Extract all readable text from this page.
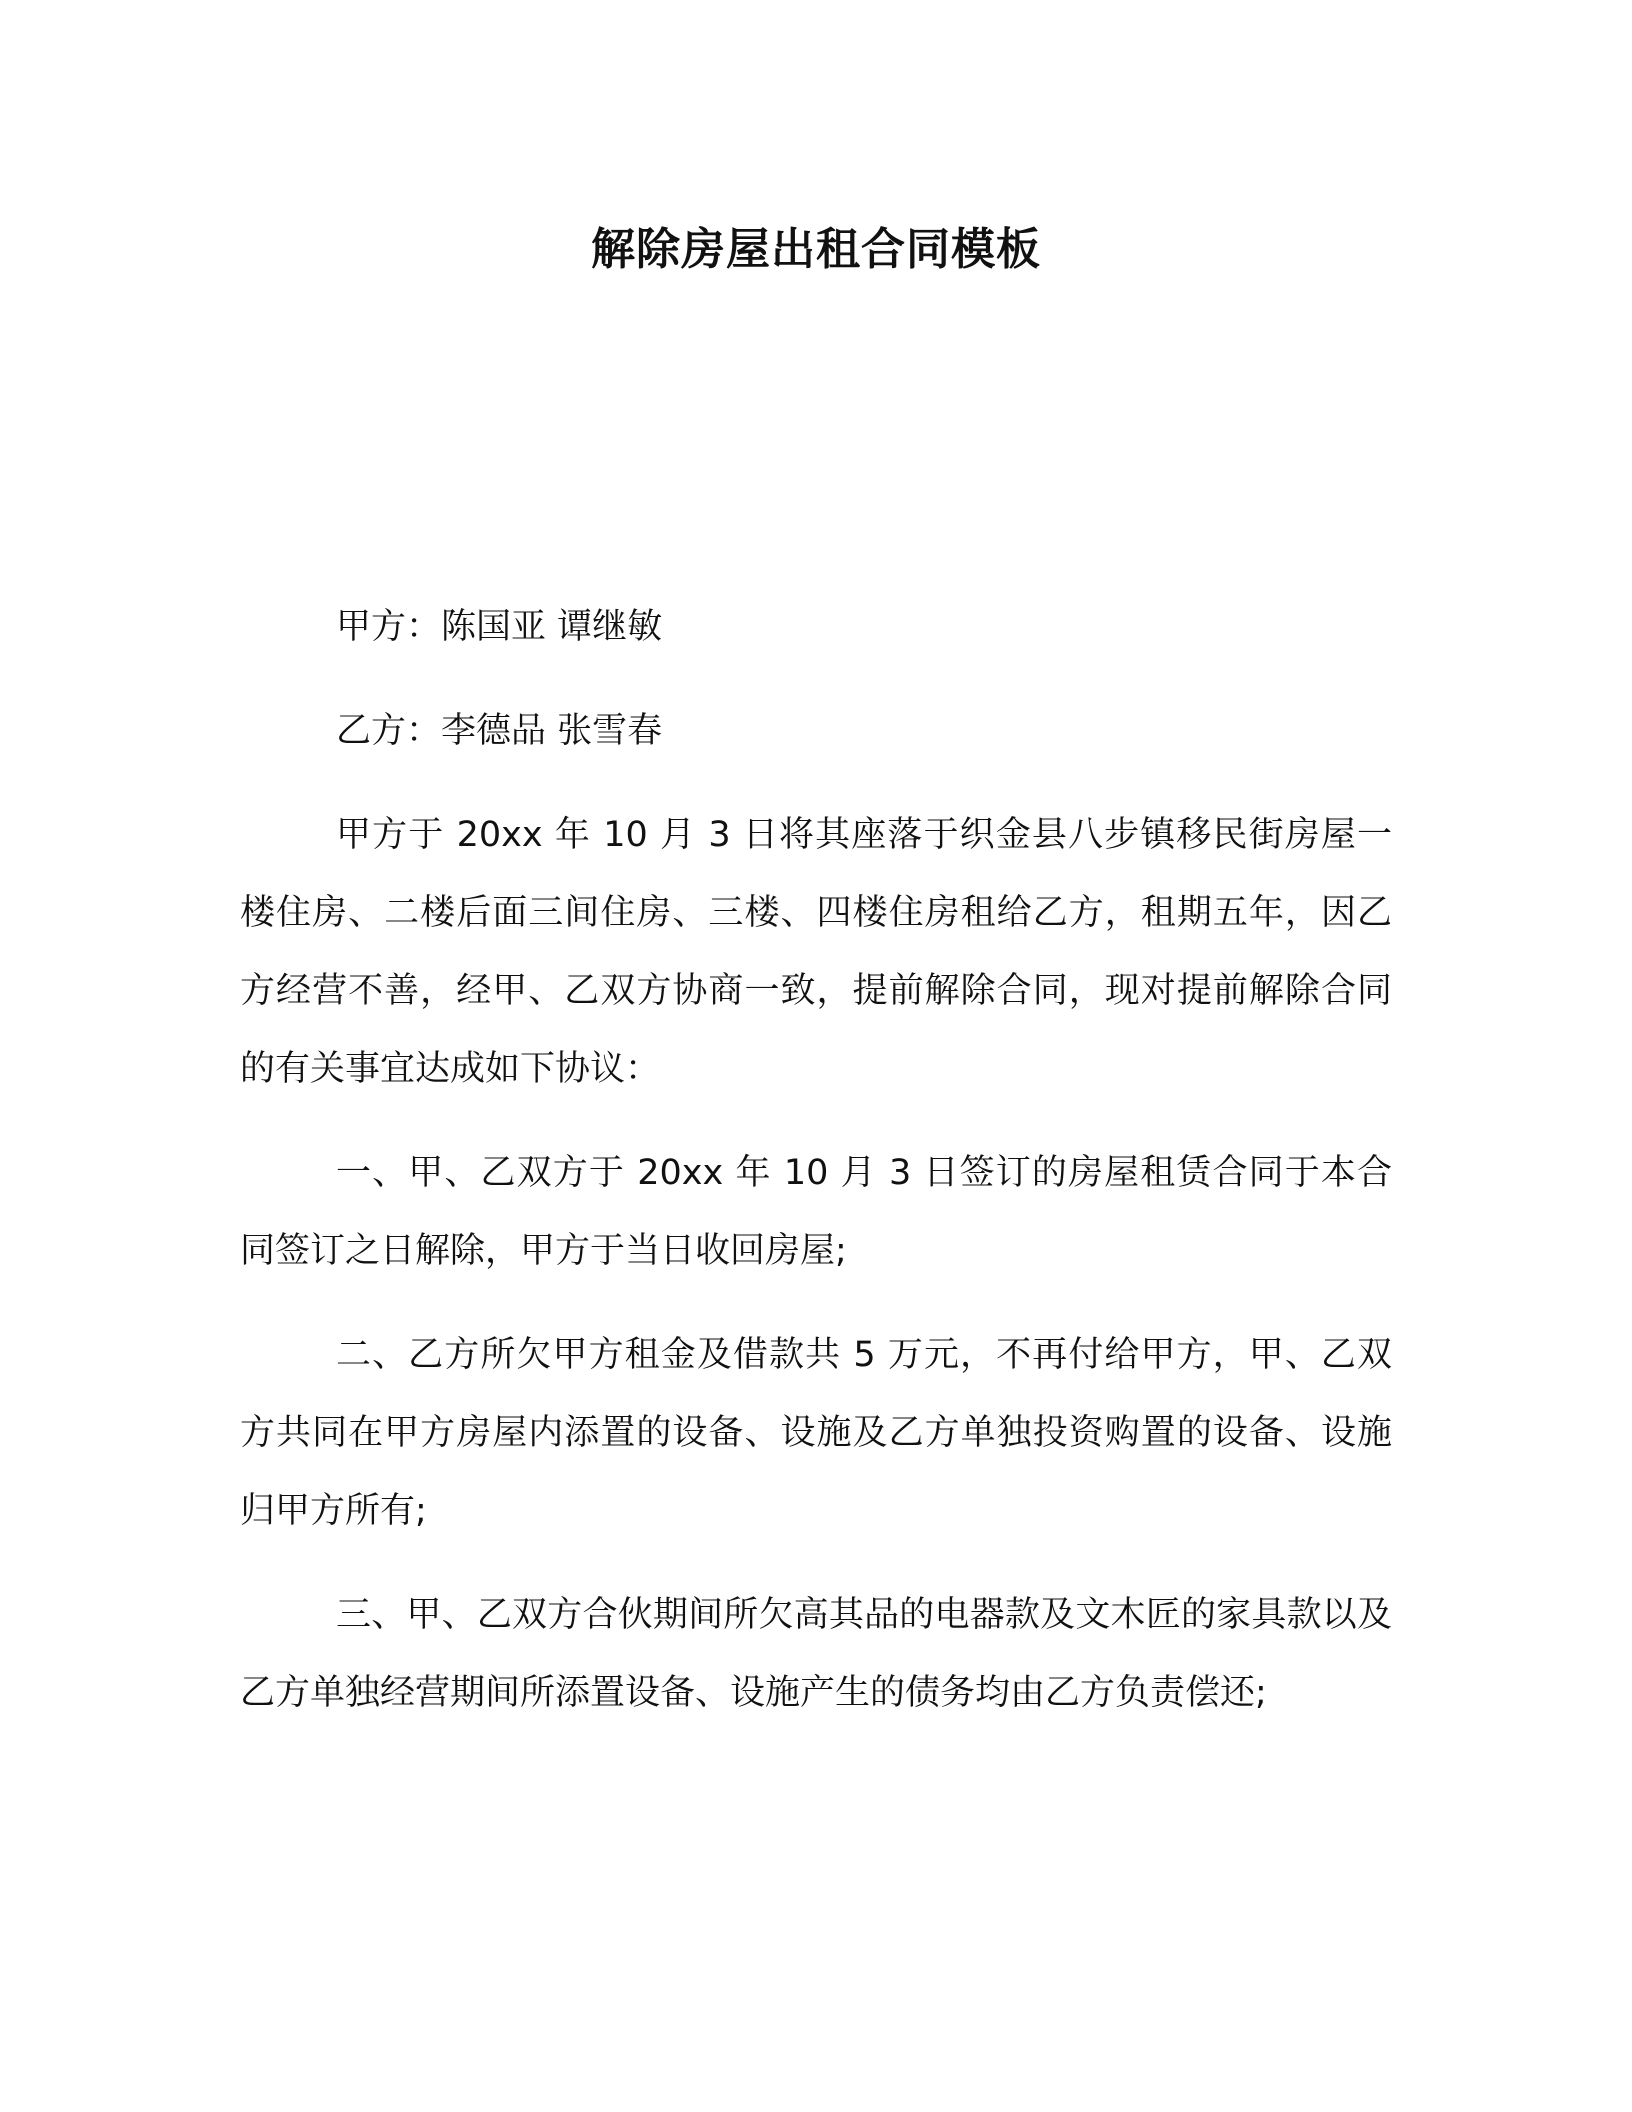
解除房屋出租合同模板

甲方：陈国亚 谭继敏

乙方：李德品 张雪春

甲方于 20xx 年 10 月 3 日将其座落于织金县八步镇移民街房屋一楼住房、二楼后面三间住房、三楼、四楼住房租给乙方，租期五年，因乙方经营不善，经甲、乙双方协商一致，提前解除合同，现对提前解除合同的有关事宜达成如下协议：

一、甲、乙双方于 20xx 年 10 月 3 日签订的房屋租赁合同于本合同签订之日解除，甲方于当日收回房屋;

二、乙方所欠甲方租金及借款共 5 万元，不再付给甲方，甲、乙双方共同在甲方房屋内添置的设备、设施及乙方单独投资购置的设备、设施归甲方所有;

三、甲、乙双方合伙期间所欠高其品的电器款及文木匠的家具款以及乙方单独经营期间所添置设备、设施产生的债务均由乙方负责偿还;
